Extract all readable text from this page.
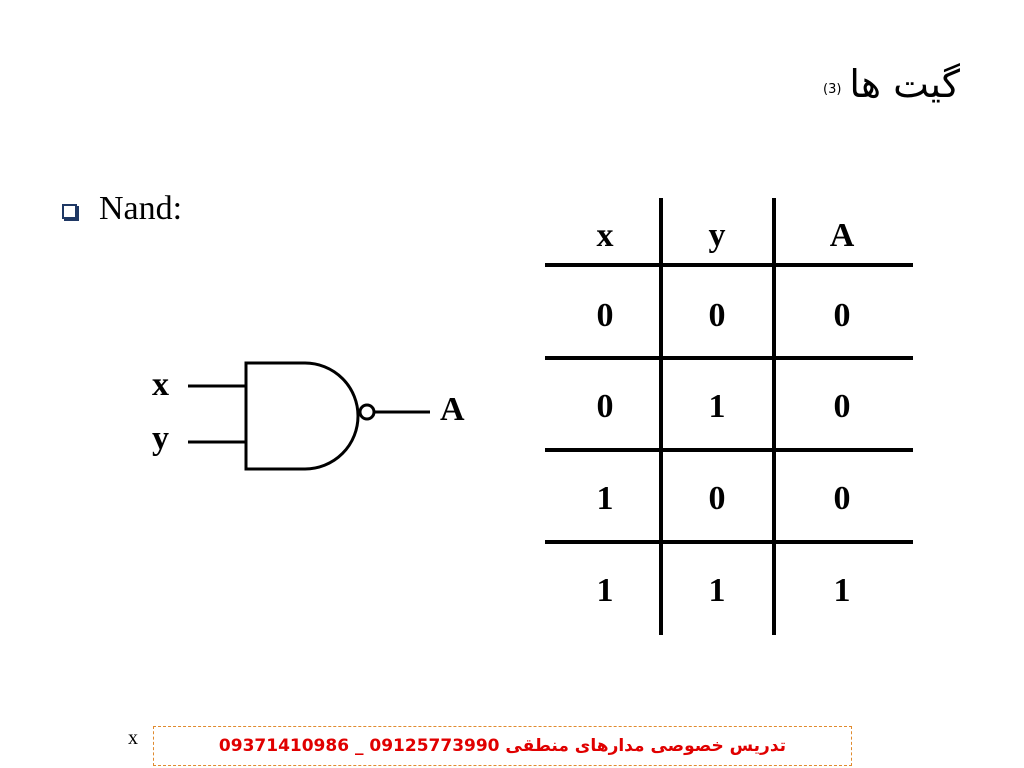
گیت ها$^{(3)}$
Nand:
x
y
A
x	y	A
0	0	0
0	1	0
1	0	0
1	1	1
x	تدریس خصوصی مدارهای منطقی 09125773990 _ 09371410986
